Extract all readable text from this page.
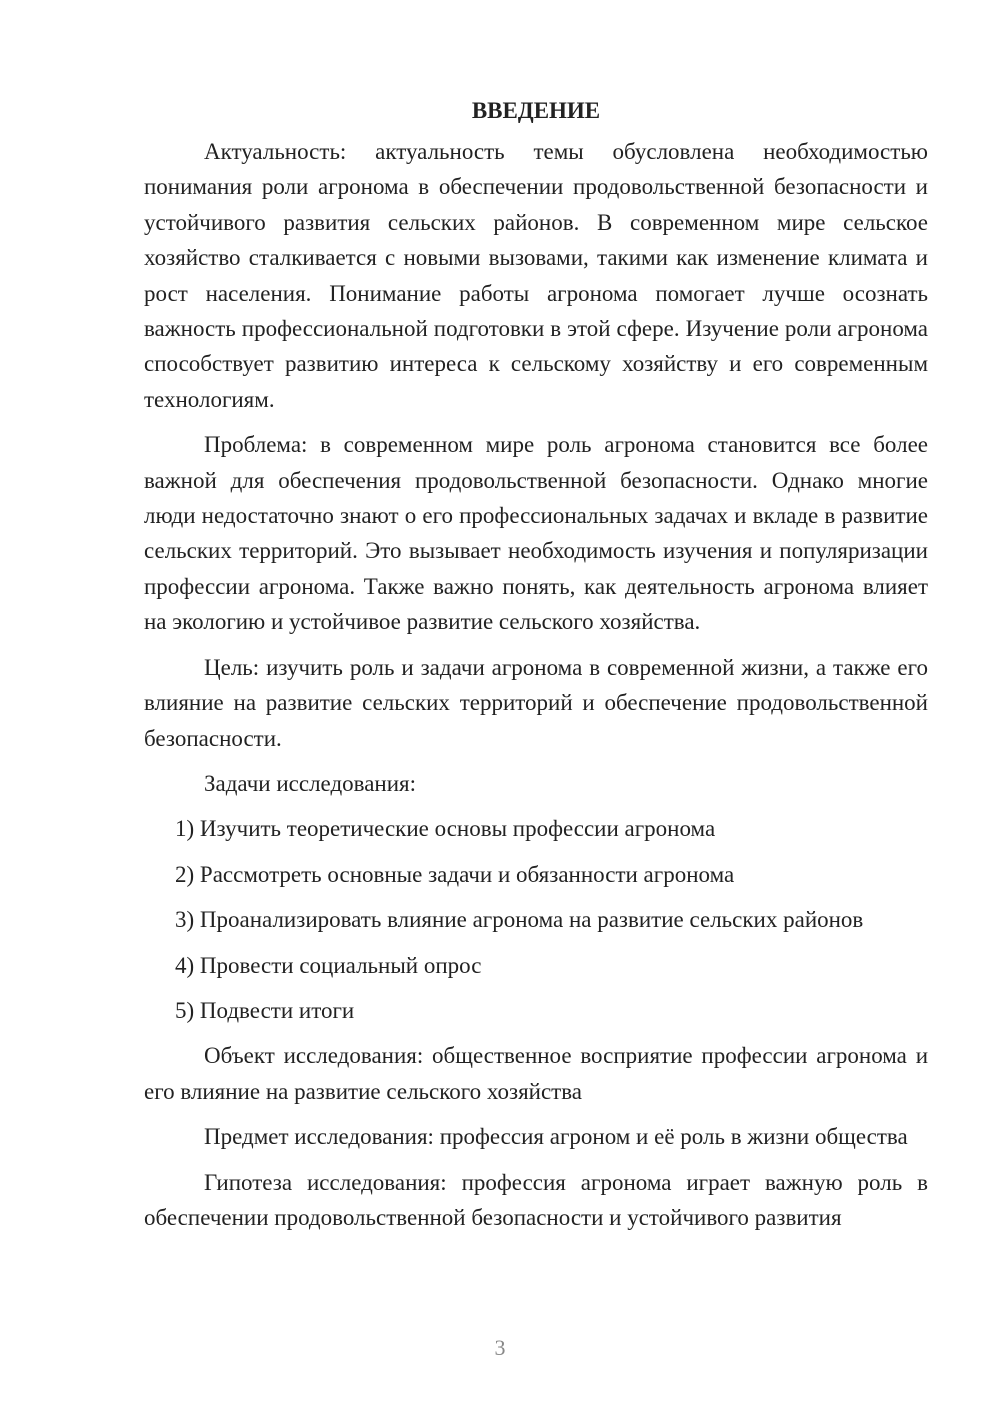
ВВЕДЕНИЕ

Актуальность: актуальность темы обусловлена необходимостью понимания роли агронома в обеспечении продовольственной безопасности и устойчивого развития сельских районов. В современном мире сельское хозяйство сталкивается с новыми вызовами, такими как изменение климата и рост населения. Понимание работы агронома помогает лучше осознать важность профессиональной подготовки в этой сфере. Изучение роли агронома способствует развитию интереса к сельскому хозяйству и его современным технологиям.

Проблема: в современном мире роль агронома становится все более важной для обеспечения продовольственной безопасности. Однако многие люди недостаточно знают о его профессиональных задачах и вкладе в развитие сельских территорий. Это вызывает необходимость изучения и популяризации профессии агронома. Также важно понять, как деятельность агронома влияет на экологию и устойчивое развитие сельского хозяйства.

Цель: изучить роль и задачи агронома в современной жизни, а также его влияние на развитие сельских территорий и обеспечение продовольственной безопасности.

Задачи исследования:

1) Изучить теоретические основы профессии агронома
2) Рассмотреть основные задачи и обязанности агронома
3) Проанализировать влияние агронома на развитие сельских районов
4) Провести социальный опрос
5) Подвести итоги

Объект исследования: общественное восприятие профессии агронома и его влияние на развитие сельского хозяйства

Предмет исследования: профессия агроном и её роль в жизни общества

Гипотеза исследования: профессия агронома играет важную роль в обеспечении продовольственной безопасности и устойчивого развития

3
